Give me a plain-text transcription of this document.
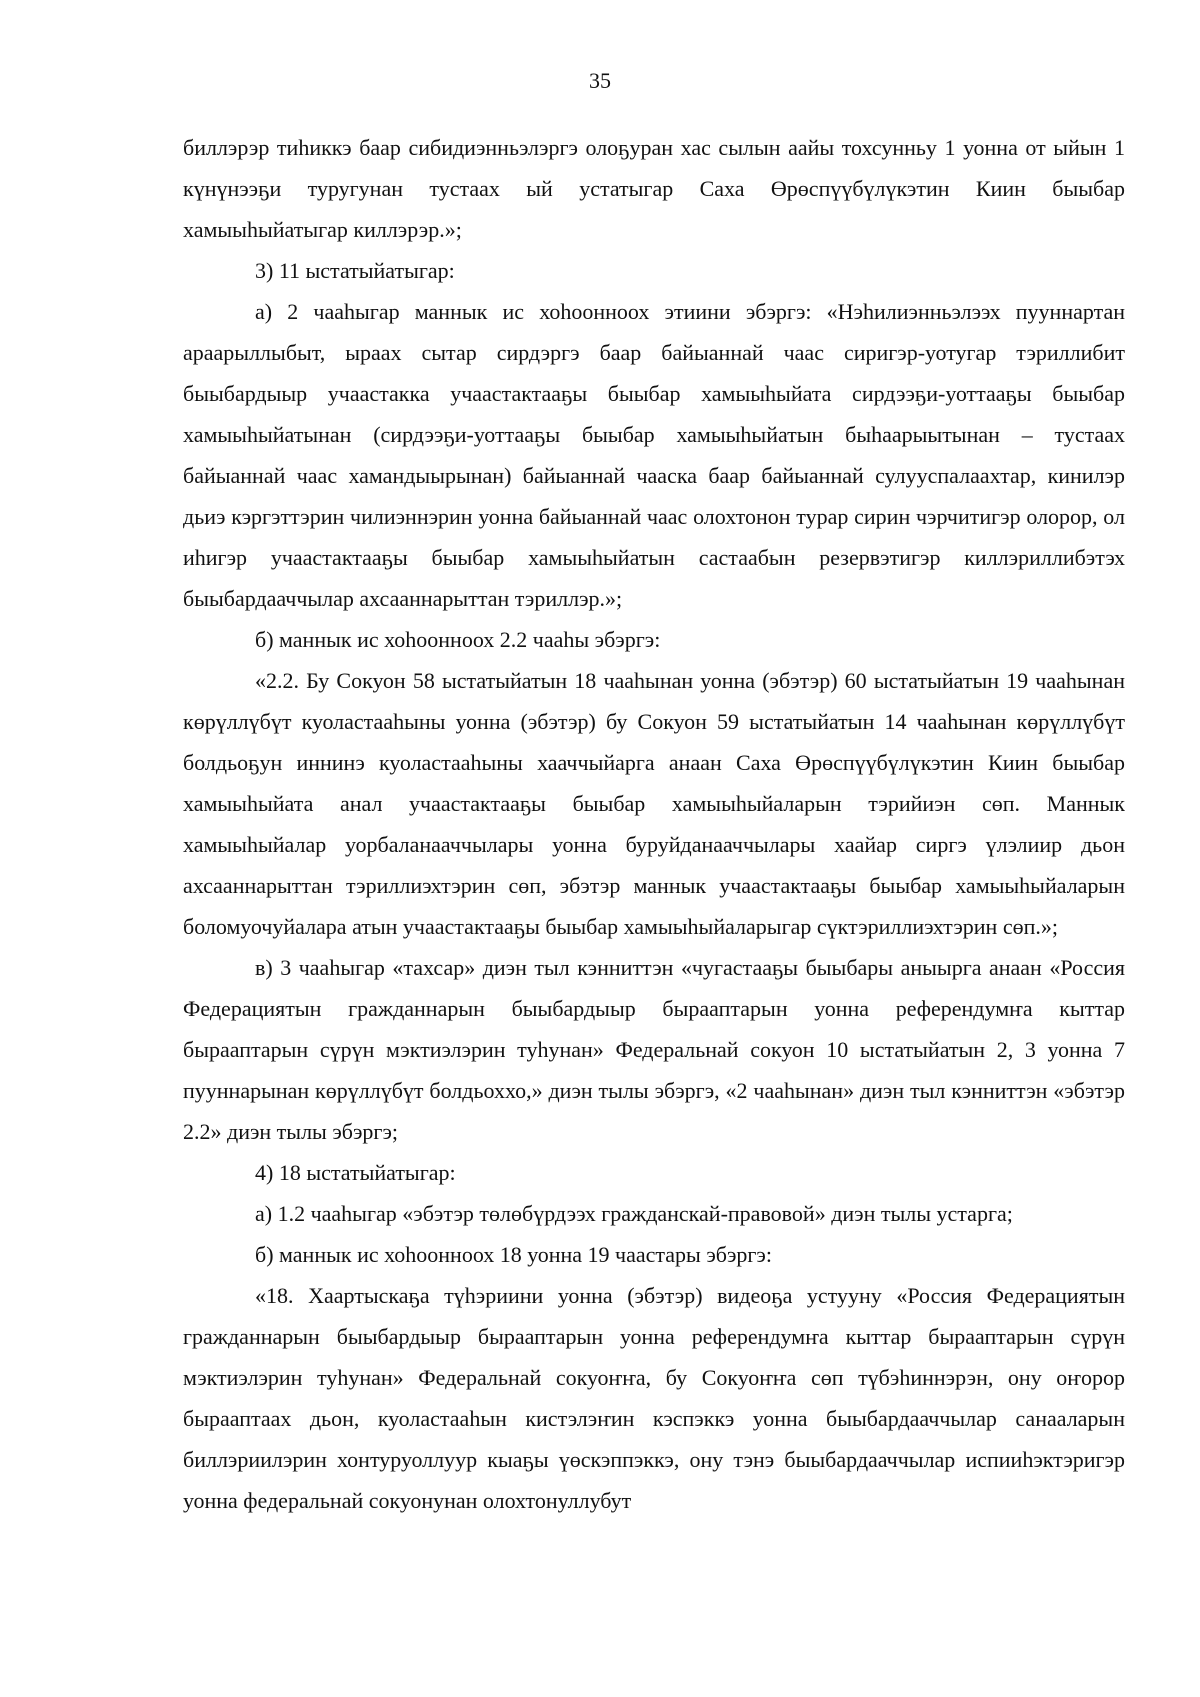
35

биллэрэр тиһиккэ баар сибидиэнньэлэргэ олоҕуран хас сылын аайы тохсунньу 1 уонна от ыйын 1 күнүнээҕи туругунан тустаах ый устатыгар Саха Өрөспүүбүлүкэтин Киин быыбар хамыыһыйатыгар киллэрэр.»;

3) 11 ыстатыйатыгар:

а) 2 чааһыгар маннык ис хоһоонноох этиини эбэргэ: «Нэһилиэнньэлээх пууннартан араарыллыбыт, ыраах сытар сирдэргэ баар байыаннай чаас сиригэр-уотугар тэриллибит быыбардыыр учаастакка учаастактааҕы быыбар хамыыһыйата сирдээҕи-уоттааҕы быыбар хамыыһыйатынан (сирдээҕи-уоттааҕы быыбар хамыыһыйатын быһаарыытынан – тустаах байыаннай чаас хамандыырынан) байыаннай чааска баар байыаннай сулууспалаахтар, кинилэр дьиэ кэргэттэрин чилиэннэрин уонна байыаннай чаас олохтонон турар сирин чэрчитигэр олорор, ол иһигэр учаастактааҕы быыбар хамыыһыйатын састаабын резервэтигэр киллэриллибэтэх быыбардааччылар ахсааннарыттан тэриллэр.»;

б) маннык ис хоһоонноох 2.2 чааһы эбэргэ:

«2.2. Бу Сокуон 58 ыстатыйатын 18 чааһынан уонна (эбэтэр) 60 ыстатыйатын 19 чааһынан көрүллүбүт куоластааһыны уонна (эбэтэр) бу Сокуон 59 ыстатыйатын 14 чааһынан көрүллүбүт болдьоҕун иннинэ куоластааһыны хааччыйарга анаан Саха Өрөспүүбүлүкэтин Киин быыбар хамыыһыйата анал учаастактааҕы быыбар хамыыһыйаларын тэрийиэн сөп. Маннык хамыыһыйалар уорбаланааччылары уонна буруйданааччылары хаайар сиргэ үлэлиир дьон ахсааннарыттан тэриллиэхтэрин сөп, эбэтэр маннык учаастактааҕы быыбар хамыыһыйаларын боломуочуйалара атын учаастактааҕы быыбар хамыыһыйаларыгар сүктэриллиэхтэрин сөп.»;

в) 3 чааһыгар «тахсар» диэн тыл кэнниттэн «чугастааҕы быыбары аныырга анаан «Россия Федерациятын гражданнарын быыбардыыр бырааптарын уонна референдумҥа кыттар бырааптарын сүрүн мэктиэлэрин туһунан» Федеральнай сокуон 10 ыстатыйатын 2, 3 уонна 7 пууннарынан көрүллүбүт болдьоххо,» диэн тылы эбэргэ, «2 чааһынан» диэн тыл кэнниттэн «эбэтэр 2.2» диэн тылы эбэргэ;

4) 18 ыстатыйатыгар:

а) 1.2 чааһыгар «эбэтэр төлөбүрдээх гражданскай-правовой» диэн тылы устарга;

б) маннык ис хоһоонноох 18 уонна 19 чаастары эбэргэ:

«18. Хаартыскаҕа түһэриини уонна (эбэтэр) видеоҕа устууну «Россия Федерациятын гражданнарын быыбардыыр бырааптарын уонна референдумҥа кыттар бырааптарын сүрүн мэктиэлэрин туһунан» Федеральнай сокуоҥҥа, бу Сокуоҥҥа сөп түбэһиннэрэн, ону оҥорор бырааптаах дьон, куоластааһын кистэлэҥин кэспэккэ уонна быыбардааччылар санааларын биллэриилэрин хонтуруоллуур кыаҕы үөскэппэккэ, ону тэнэ быыбардааччылар испииһэктэригэр уонна федеральнай сокуонунан олохтонуллубут
